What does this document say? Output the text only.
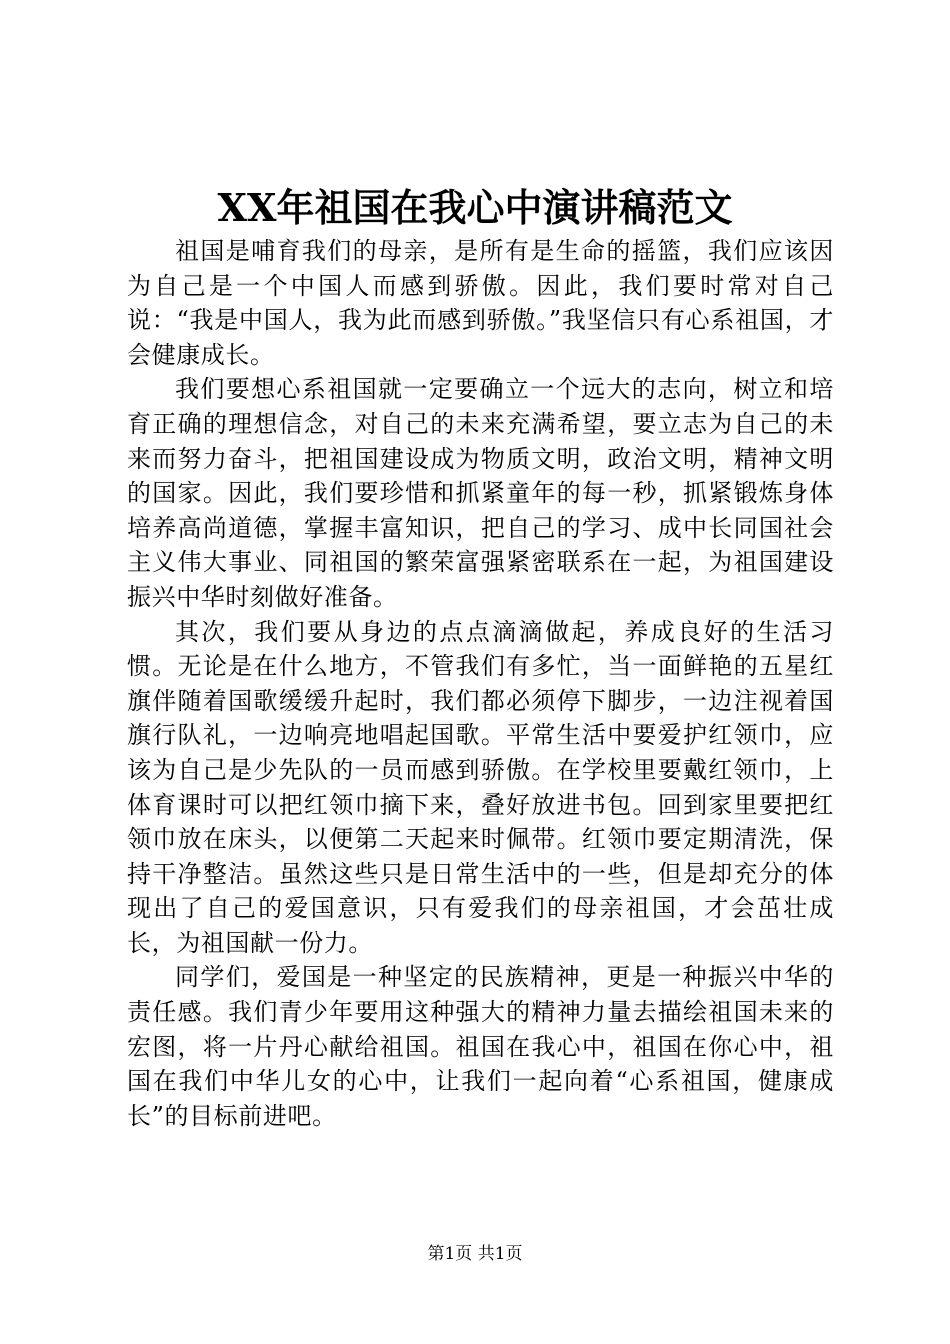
XX年祖国在我心中演讲稿范文

祖国是哺育我们的母亲，是所有是生命的摇篮，我们应该因为自己是一个中国人而感到骄傲。因此，我们要时常对自己说：“我是中国人，我为此而感到骄傲。”我坚信只有心系祖国，才会健康成长。

我们要想心系祖国就一定要确立一个远大的志向，树立和培育正确的理想信念，对自己的未来充满希望，要立志为自己的未来而努力奋斗，把祖国建设成为物质文明，政治文明，精神文明的国家。因此，我们要珍惜和抓紧童年的每一秒，抓紧锻炼身体培养高尚道德，掌握丰富知识，把自己的学习、成中长同国社会主义伟大事业、同祖国的繁荣富强紧密联系在一起，为祖国建设振兴中华时刻做好准备。

其次，我们要从身边的点点滴滴做起，养成良好的生活习惯。无论是在什么地方，不管我们有多忙，当一面鲜艳的五星红旗伴随着国歌缓缓升起时，我们都必须停下脚步，一边注视着国旗行队礼，一边响亮地唱起国歌。平常生活中要爱护红领巾，应该为自己是少先队的一员而感到骄傲。在学校里要戴红领巾，上体育课时可以把红领巾摘下来，叠好放进书包。回到家里要把红领巾放在床头，以便第二天起来时佩带。红领巾要定期清洗，保持干净整洁。虽然这些只是日常生活中的一些，但是却充分的体现出了自己的爱国意识，只有爱我们的母亲祖国，才会茁壮成长，为祖国献一份力。

同学们，爱国是一种坚定的民族精神，更是一种振兴中华的责任感。我们青少年要用这种强大的精神力量去描绘祖国未来的宏图，将一片丹心献给祖国。祖国在我心中，祖国在你心中，祖国在我们中华儿女的心中，让我们一起向着“心系祖国，健康成长”的目标前进吧。

第1页 共1页
